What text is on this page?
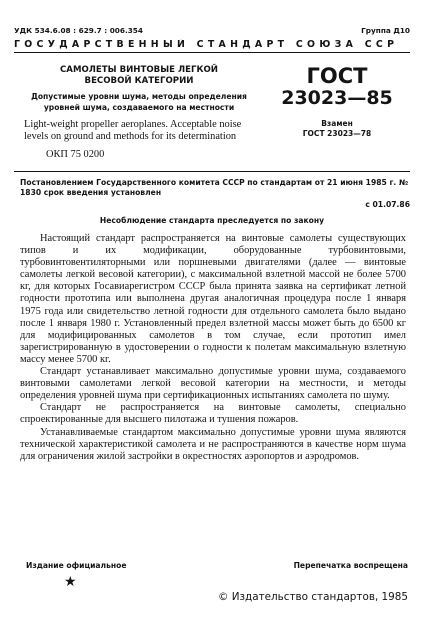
УДК 534.6.08 : 629.7 : 006.354	Группа Д10
ГОСУДАРСТВЕННЫЙ СТАНДАРТ СОЮЗА ССР
САМОЛЕТЫ ВИНТОВЫЕ ЛЕГКОЙ
ВЕСОВОЙ КАТЕГОРИИ
Допустимые уровни шума, методы определения
уровней шума, создаваемого на местности
Light-weight propeller aeroplanes. Acceptable noise
levels on ground and methods for its determination
ОКП 75 0200
ГОСТ
23023—85
Взамен
ГОСТ 23023—78
Постановлением Государственного комитета СССР по стандартам от 21 июня 1985 г. № 1830 срок введения установлен
с 01.07.86
Несоблюдение стандарта преследуется по закону

Настоящий стандарт распространяется на винтовые самолеты существующих типов и их модификации, оборудованные турбовинтовыми, турбовинтовентиляторными или поршневыми двигателями (далее — винтовые самолеты легкой весовой категории), с максимальной взлетной массой не более 5700 кг, для которых Госавиарегистром СССР была принята заявка на сертификат летной годности прототипа или выполнена другая аналогичная процедура после 1 января 1975 года или свидетельство летной годности для отдельного самолета было выдано после 1 января 1980 г. Установленный предел взлетной массы может быть до 6500 кг для модифицированных самолетов в том случае, если прототип имел зарегистрированную в удостоверении о годности к полетам максимальную взлетную массу менее 5700 кг.

Стандарт устанавливает максимально допустимые уровни шума, создаваемого винтовыми самолетами легкой весовой категории на местности, и методы определения уровней шума при сертификационных испытаниях самолета по шуму.

Стандарт не распространяется на винтовые самолеты, специально спроектированные для высшего пилотажа и тушения пожаров.

Устанавливаемые стандартом максимально допустимые уровни шума являются технической характеристикой самолета и не распространяются в качестве норм шума для ограничения жилой застройки в окрестностях аэропортов и аэродромов.

Издание официальное	Перепечатка воспрещена
★
© Издательство стандартов, 1985
